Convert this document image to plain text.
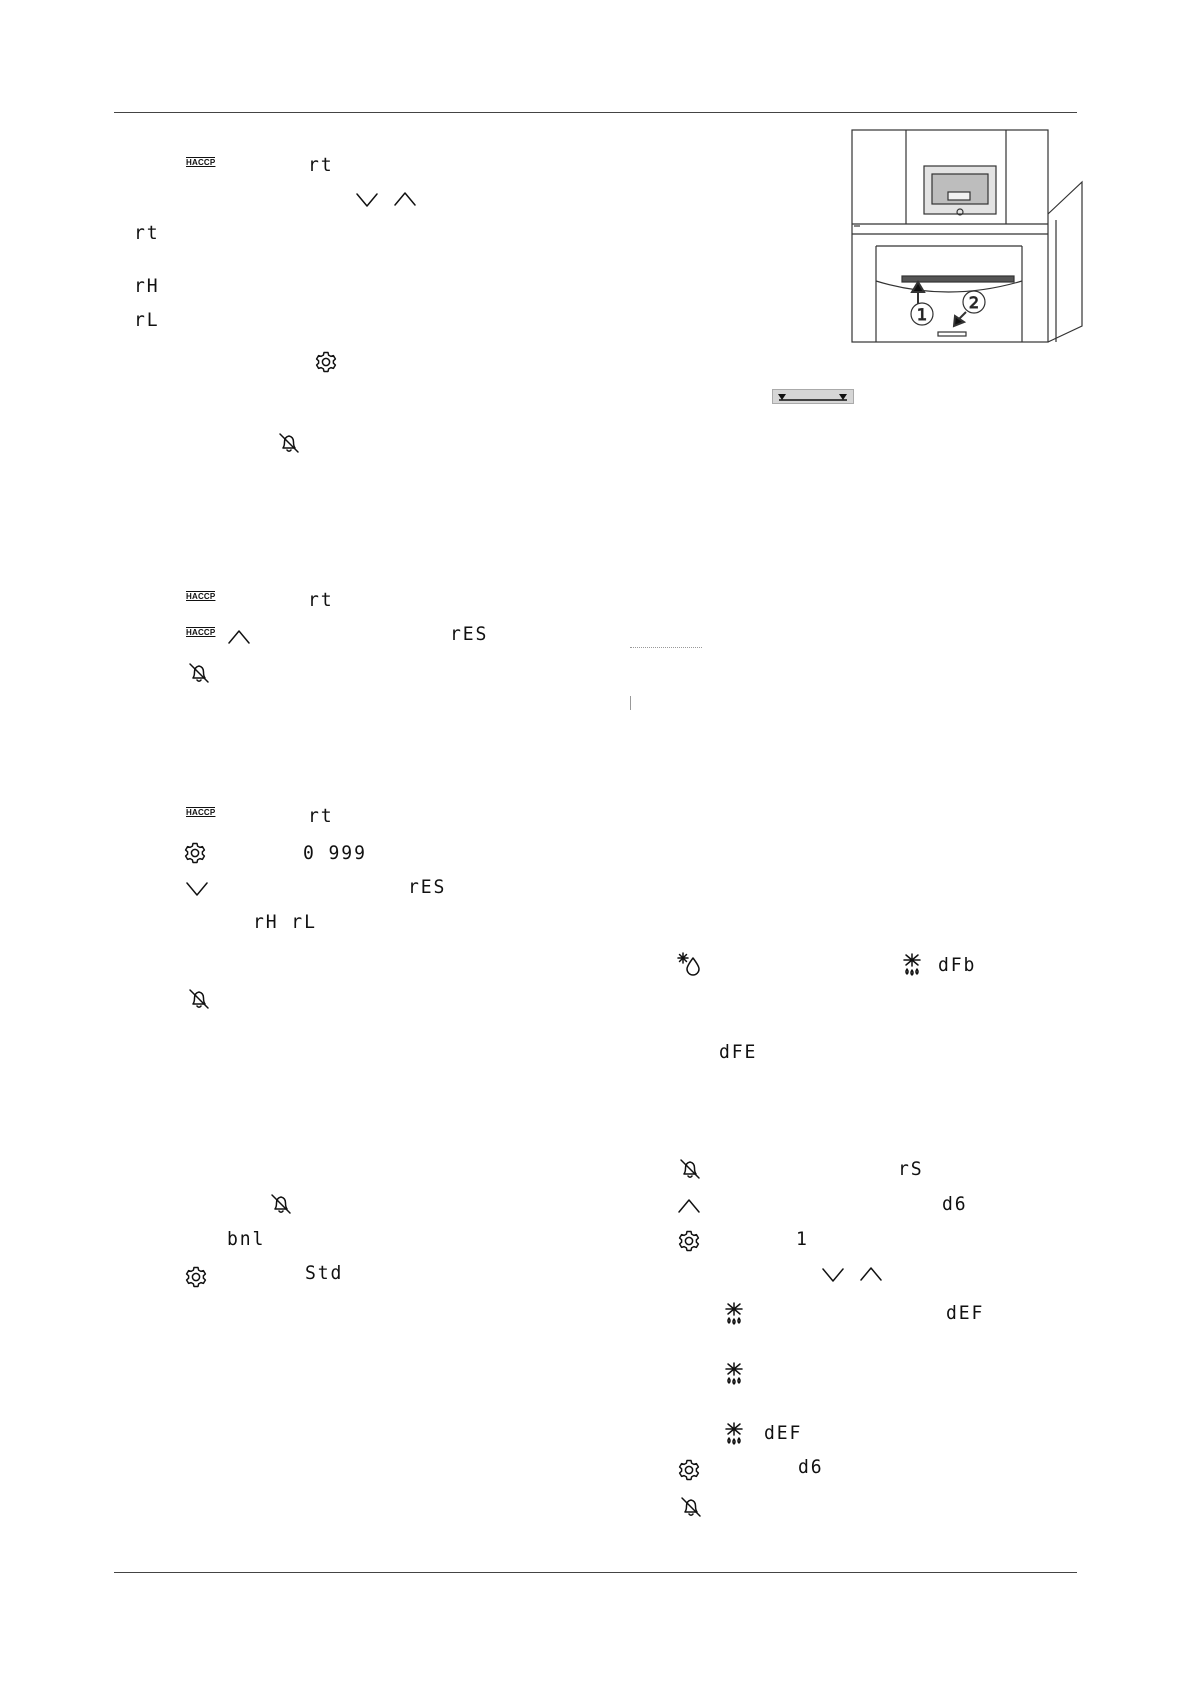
HACCP	rt
rt
rH
rL
HACCP	rt
HACCP	rES
HACCP	rt
0 999
rES
rH rL
bnl
Std
1
2
dFb
dFE
rS
d6
1
dEF
dEF
d6
